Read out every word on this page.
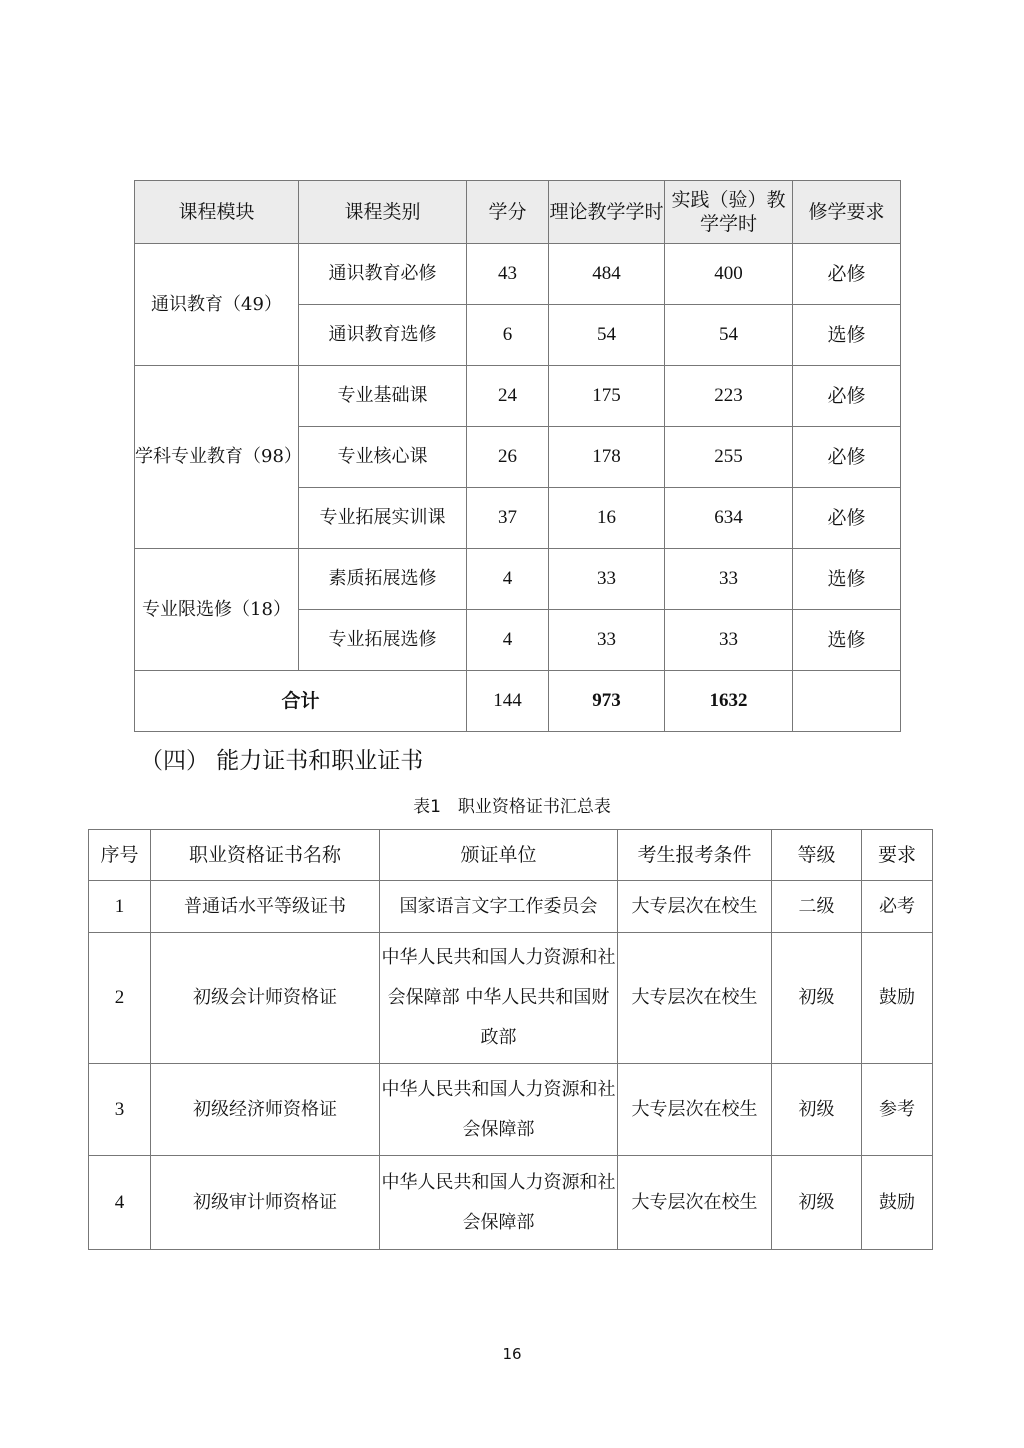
课程模块	课程类别	学分	理论教学学时	实践（验）教学学时	修学要求
通识教育（49）	通识教育必修	43	484	400	必修
	通识教育选修	6	54	54	选修
学科专业教育（98）	专业基础课	24	175	223	必修
	专业核心课	26	178	255	必修
	专业拓展实训课	37	16	634	必修
专业限选修（18）	素质拓展选修	4	33	33	选修
	专业拓展选修	4	33	33	选修
合计		144	973	1632	
（四） 能力证书和职业证书
表1　职业资格证书汇总表
序号	职业资格证书名称	颁证单位	考生报考条件	等级	要求
1	普通话水平等级证书	国家语言文字工作委员会	大专层次在校生	二级	必考
2	初级会计师资格证	中华人民共和国人力资源和社会保障部 中华人民共和国财政部	大专层次在校生	初级	鼓励
3	初级经济师资格证	中华人民共和国人力资源和社会保障部	大专层次在校生	初级	参考
4	初级审计师资格证	中华人民共和国人力资源和社会保障部	大专层次在校生	初级	鼓励
16
